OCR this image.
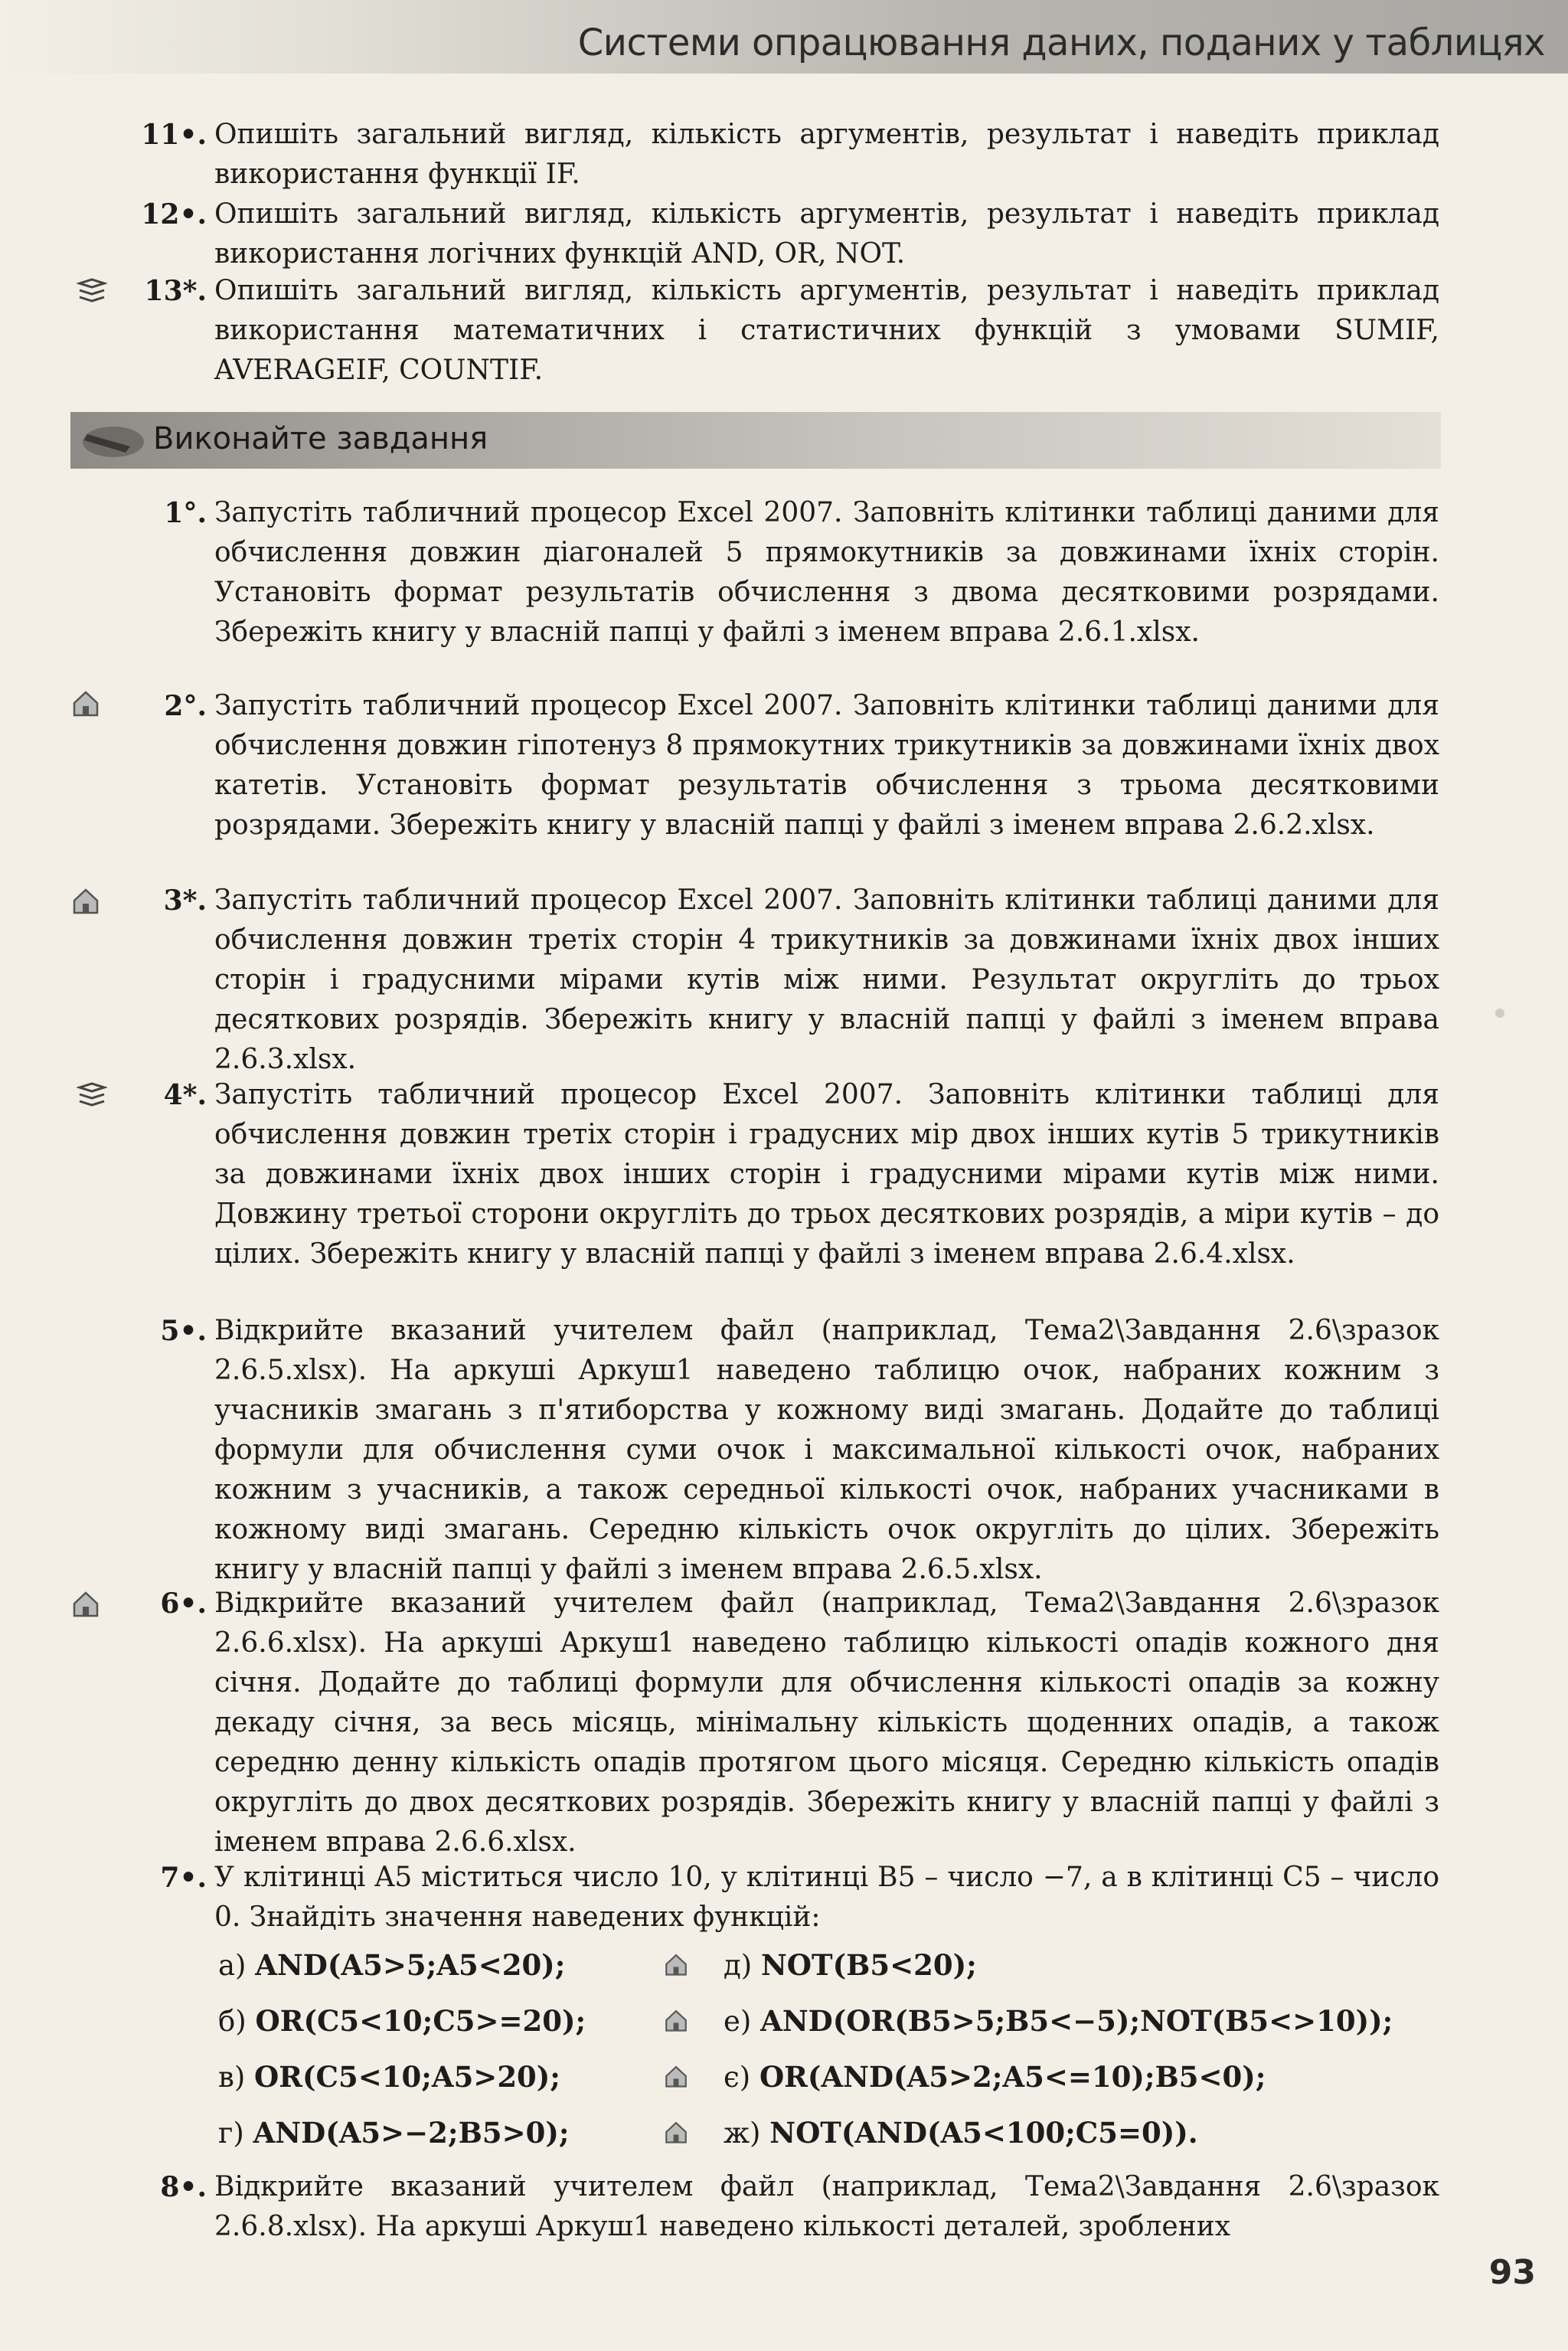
Системи опрацювання даних, поданих у таблицях
11•. Опишіть загальний вигляд, кількість аргументів, результат і наведіть приклад використання функції IF.

12•. Опишіть загальний вигляд, кількість аргументів, результат і наведіть приклад використання логічних функцій AND, OR, NOT.

13*. Опишіть загальний вигляд, кількість аргументів, результат і наведіть приклад використання математичних і статистичних функцій з умовами SUMIF, AVERAGEIF, COUNTIF.

Виконайте завдання
1°. Запустіть табличний процесор Excel 2007. Заповніть клітинки таблиці даними для обчислення довжин діагоналей 5 прямокутників за довжинами їхніх сторін. Установіть формат результатів обчислення з двома десятковими розрядами. Збережіть книгу у власній папці у файлі з іменем вправа 2.6.1.xlsx.

2°. Запустіть табличний процесор Excel 2007. Заповніть клітинки таблиці даними для обчислення довжин гіпотенуз 8 прямокутних трикутників за довжинами їхніх двох катетів. Установіть формат результатів обчислення з трьома десятковими розрядами. Збережіть книгу у власній папці у файлі з іменем вправа 2.6.2.xlsx.

3*. Запустіть табличний процесор Excel 2007. Заповніть клітинки таблиці даними для обчислення довжин третіх сторін 4 трикутників за довжинами їхніх двох інших сторін і градусними мірами кутів між ними. Результат округліть до трьох десяткових розрядів. Збережіть книгу у власній папці у файлі з іменем вправа 2.6.3.xlsx.

4*. Запустіть табличний процесор Excel 2007. Заповніть клітинки таблиці для обчислення довжин третіх сторін і градусних мір двох інших кутів 5 трикутників за довжинами їхніх двох інших сторін і градусними мірами кутів між ними. Довжину третьої сторони округліть до трьох десяткових розрядів, а міри кутів – до цілих. Збережіть книгу у власній папці у файлі з іменем вправа 2.6.4.xlsx.

5•. Відкрийте вказаний учителем файл (наприклад, Тема2\Завдання 2.6\зразок 2.6.5.xlsx). На аркуші Аркуш1 наведено таблицю очок, набраних кожним з учасників змагань з п'ятиборства у кожному виді змагань. Додайте до таблиці формули для обчислення суми очок і максимальної кількості очок, набраних кожним з учасників, а також середньої кількості очок, набраних учасниками в кожному виді змагань. Середню кількість очок округліть до цілих. Збережіть книгу у власній папці у файлі з іменем вправа 2.6.5.xlsx.

6•. Відкрийте вказаний учителем файл (наприклад, Тема2\Завдання 2.6\зразок 2.6.6.xlsx). На аркуші Аркуш1 наведено таблицю кількості опадів кожного дня січня. Додайте до таблиці формули для обчислення кількості опадів за кожну декаду січня, за весь місяць, мінімальну кількість щоденних опадів, а також середню денну кількість опадів протягом цього місяця. Середню кількість опадів округліть до двох десяткових розрядів. Збережіть книгу у власній папці у файлі з іменем вправа 2.6.6.xlsx.

7•. У клітинці A5 міститься число 10, у клітинці B5 – число −7, а в клітинці C5 – число 0. Знайдіть значення наведених функцій:

а) AND(A5>5;A5<20);
б) OR(C5<10;C5>=20);
в) OR(C5<10;A5>20);
г) AND(A5>−2;B5>0);
д) NOT(B5<20);
е) AND(OR(B5>5;B5<−5);NOT(B5<>10));
є) OR(AND(A5>2;A5<=10);B5<0);
ж) NOT(AND(A5<100;C5=0)).
8•. Відкрийте вказаний учителем файл (наприклад, Тема2\Завдання 2.6\зразок 2.6.8.xlsx). На аркуші Аркуш1 наведено кількості деталей, зроблених

93
